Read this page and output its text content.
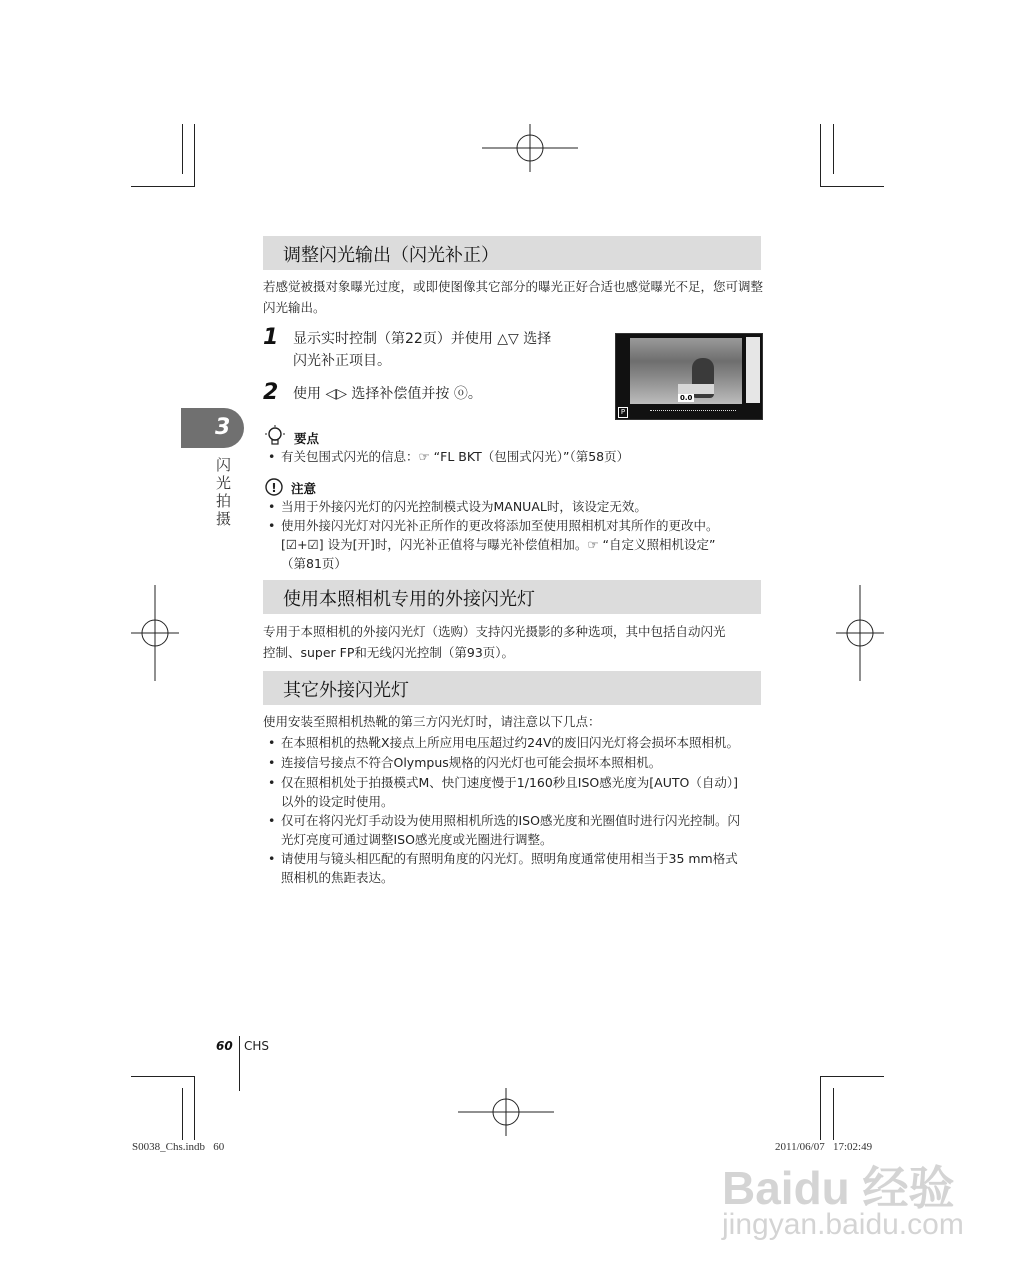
3
闪
光
拍
摄
调整闪光输出（闪光补正）
若感觉被摄对象曝光过度，或即使图像其它部分的曝光正好合适也感觉曝光不足，您可调整闪光输出。
1 显示实时控制（第22页）并使用 △▽ 选择
闪光补正项目。
2 使用 ◁▷ 选择补偿值并按 ⓞ。	0.0
P
要点
• 有关包围式闪光的信息：☞ “FL BKT（包围式闪光）”（第58页）
! 注意
• 当用于外接闪光灯的闪光控制模式设为MANUAL时，该设定无效。
• 使用外接闪光灯对闪光补正所作的更改将添加至使用照相机对其所作的更改中。
[☑+☑] 设为[开]时，闪光补正值将与曝光补偿值相加。☞ “自定义照相机设定”
（第81页）
使用本照相机专用的外接闪光灯
专用于本照相机的外接闪光灯（选购）支持闪光摄影的多种选项，其中包括自动闪光
控制、super FP和无线闪光控制（第93页）。
其它外接闪光灯
使用安装至照相机热靴的第三方闪光灯时，请注意以下几点：
• 在本照相机的热靴X接点上所应用电压超过约24V的废旧闪光灯将会损坏本照相机。
• 连接信号接点不符合Olympus规格的闪光灯也可能会损坏本照相机。
• 仅在照相机处于拍摄模式M、快门速度慢于1/160秒且ISO感光度为[AUTO（自动）]
以外的设定时使用。
• 仅可在将闪光灯手动设为使用照相机所选的ISO感光度和光圈值时进行闪光控制。闪
光灯亮度可通过调整ISO感光度或光圈进行调整。
• 请使用与镜头相匹配的有照明角度的闪光灯。照明角度通常使用相当于35 mm格式
照相机的焦距表达。
60 CHS
S0038_Chs.indb   60	2011/06/07   17:02:49
Baidu 经验
jingyan.baidu.com
